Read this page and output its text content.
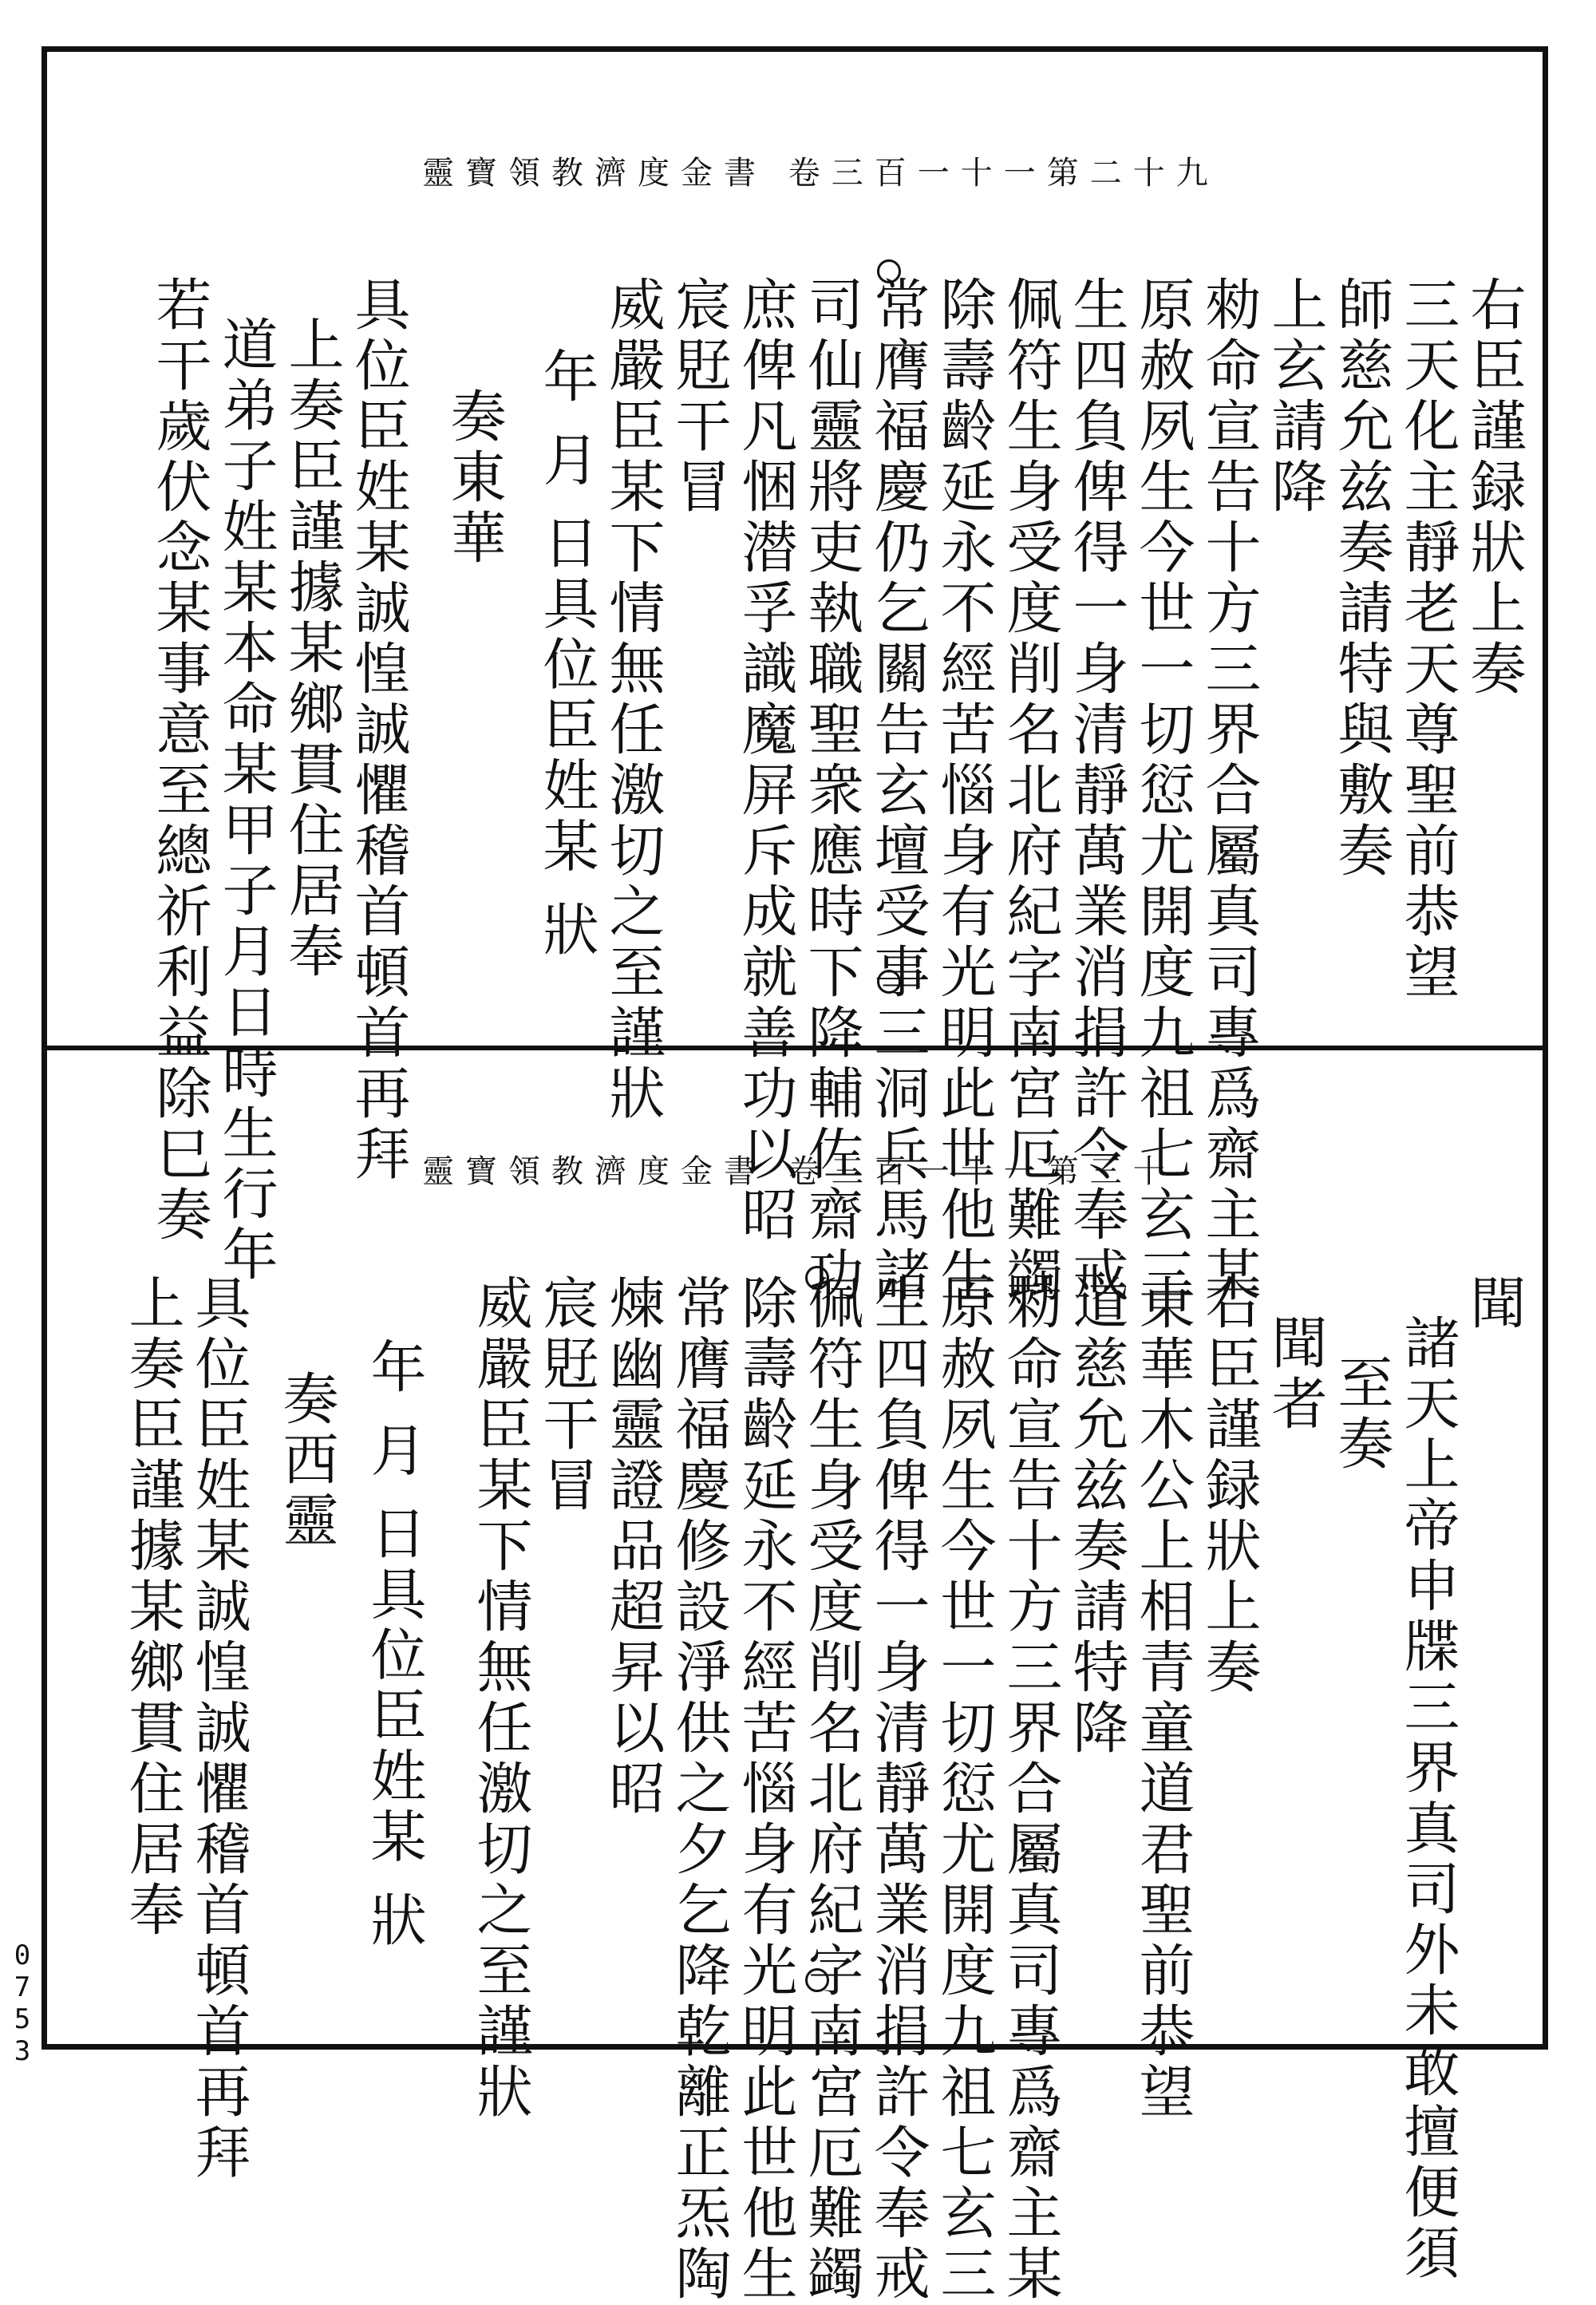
靈寶領教濟度金書 卷三百一十一第二十九
右臣謹録狀上奏
三天化主靜老天尊聖前恭望
師慈允兹奏請特與敷奏
上玄請降
勑命宣告十方三界合屬真司專爲齋主某
原赦夙生今世一切愆尤開度九祖七玄三
生四負俾得一身清靜萬業消捐許令奉戒
佩符生身受度削名北府紀字南宮厄難蠲
除壽齡延永不經苦惱身有光明此世他生
常膺福慶仍乞關告玄壇受事三洞兵馬諸
司仙靈將吏執職聖衆應時下降輔佐齋功
庶俾凡悃潜孚識魔屏斥成就善功以昭
宸覎干冒
威嚴臣某下情無任激切之至謹狀
年 月 日具位臣姓某 狀
奏東華
具位臣姓某誠惶誠懼稽首頓首再拜
上奏臣謹據某鄉貫住居奉
道弟子姓某本命某甲子月日時生行年
若干歲伏念某事意至總祈利益除巳奏	靈寶領教濟度金書 卷三百一十一第三十
聞
諸天上帝申牒三界真司外未敢擅便須
至奏
聞者
右臣謹録狀上奏
東華木公上相青童道君聖前恭望
道慈允兹奏請特降
勑命宣告十方三界合屬真司專爲齋主某
原赦夙生今世一切愆尤開度九祖七玄三
生四負俾得一身清靜萬業消捐許令奉戒
佩符生身受度削名北府紀字南宮厄難蠲
除壽齡延永不經苦惱身有光明此世他生
常膺福慶修設淨供之夕乞降乾離正炁陶
煉幽靈證品超昇以昭
宸覎干冒
威嚴臣某下情無任激切之至謹狀
年 月 日具位臣姓某 狀
奏西靈
具位臣姓某誠惶誠懼稽首頓首再拜
上奏臣謹據某鄉貫住居奉
0753
